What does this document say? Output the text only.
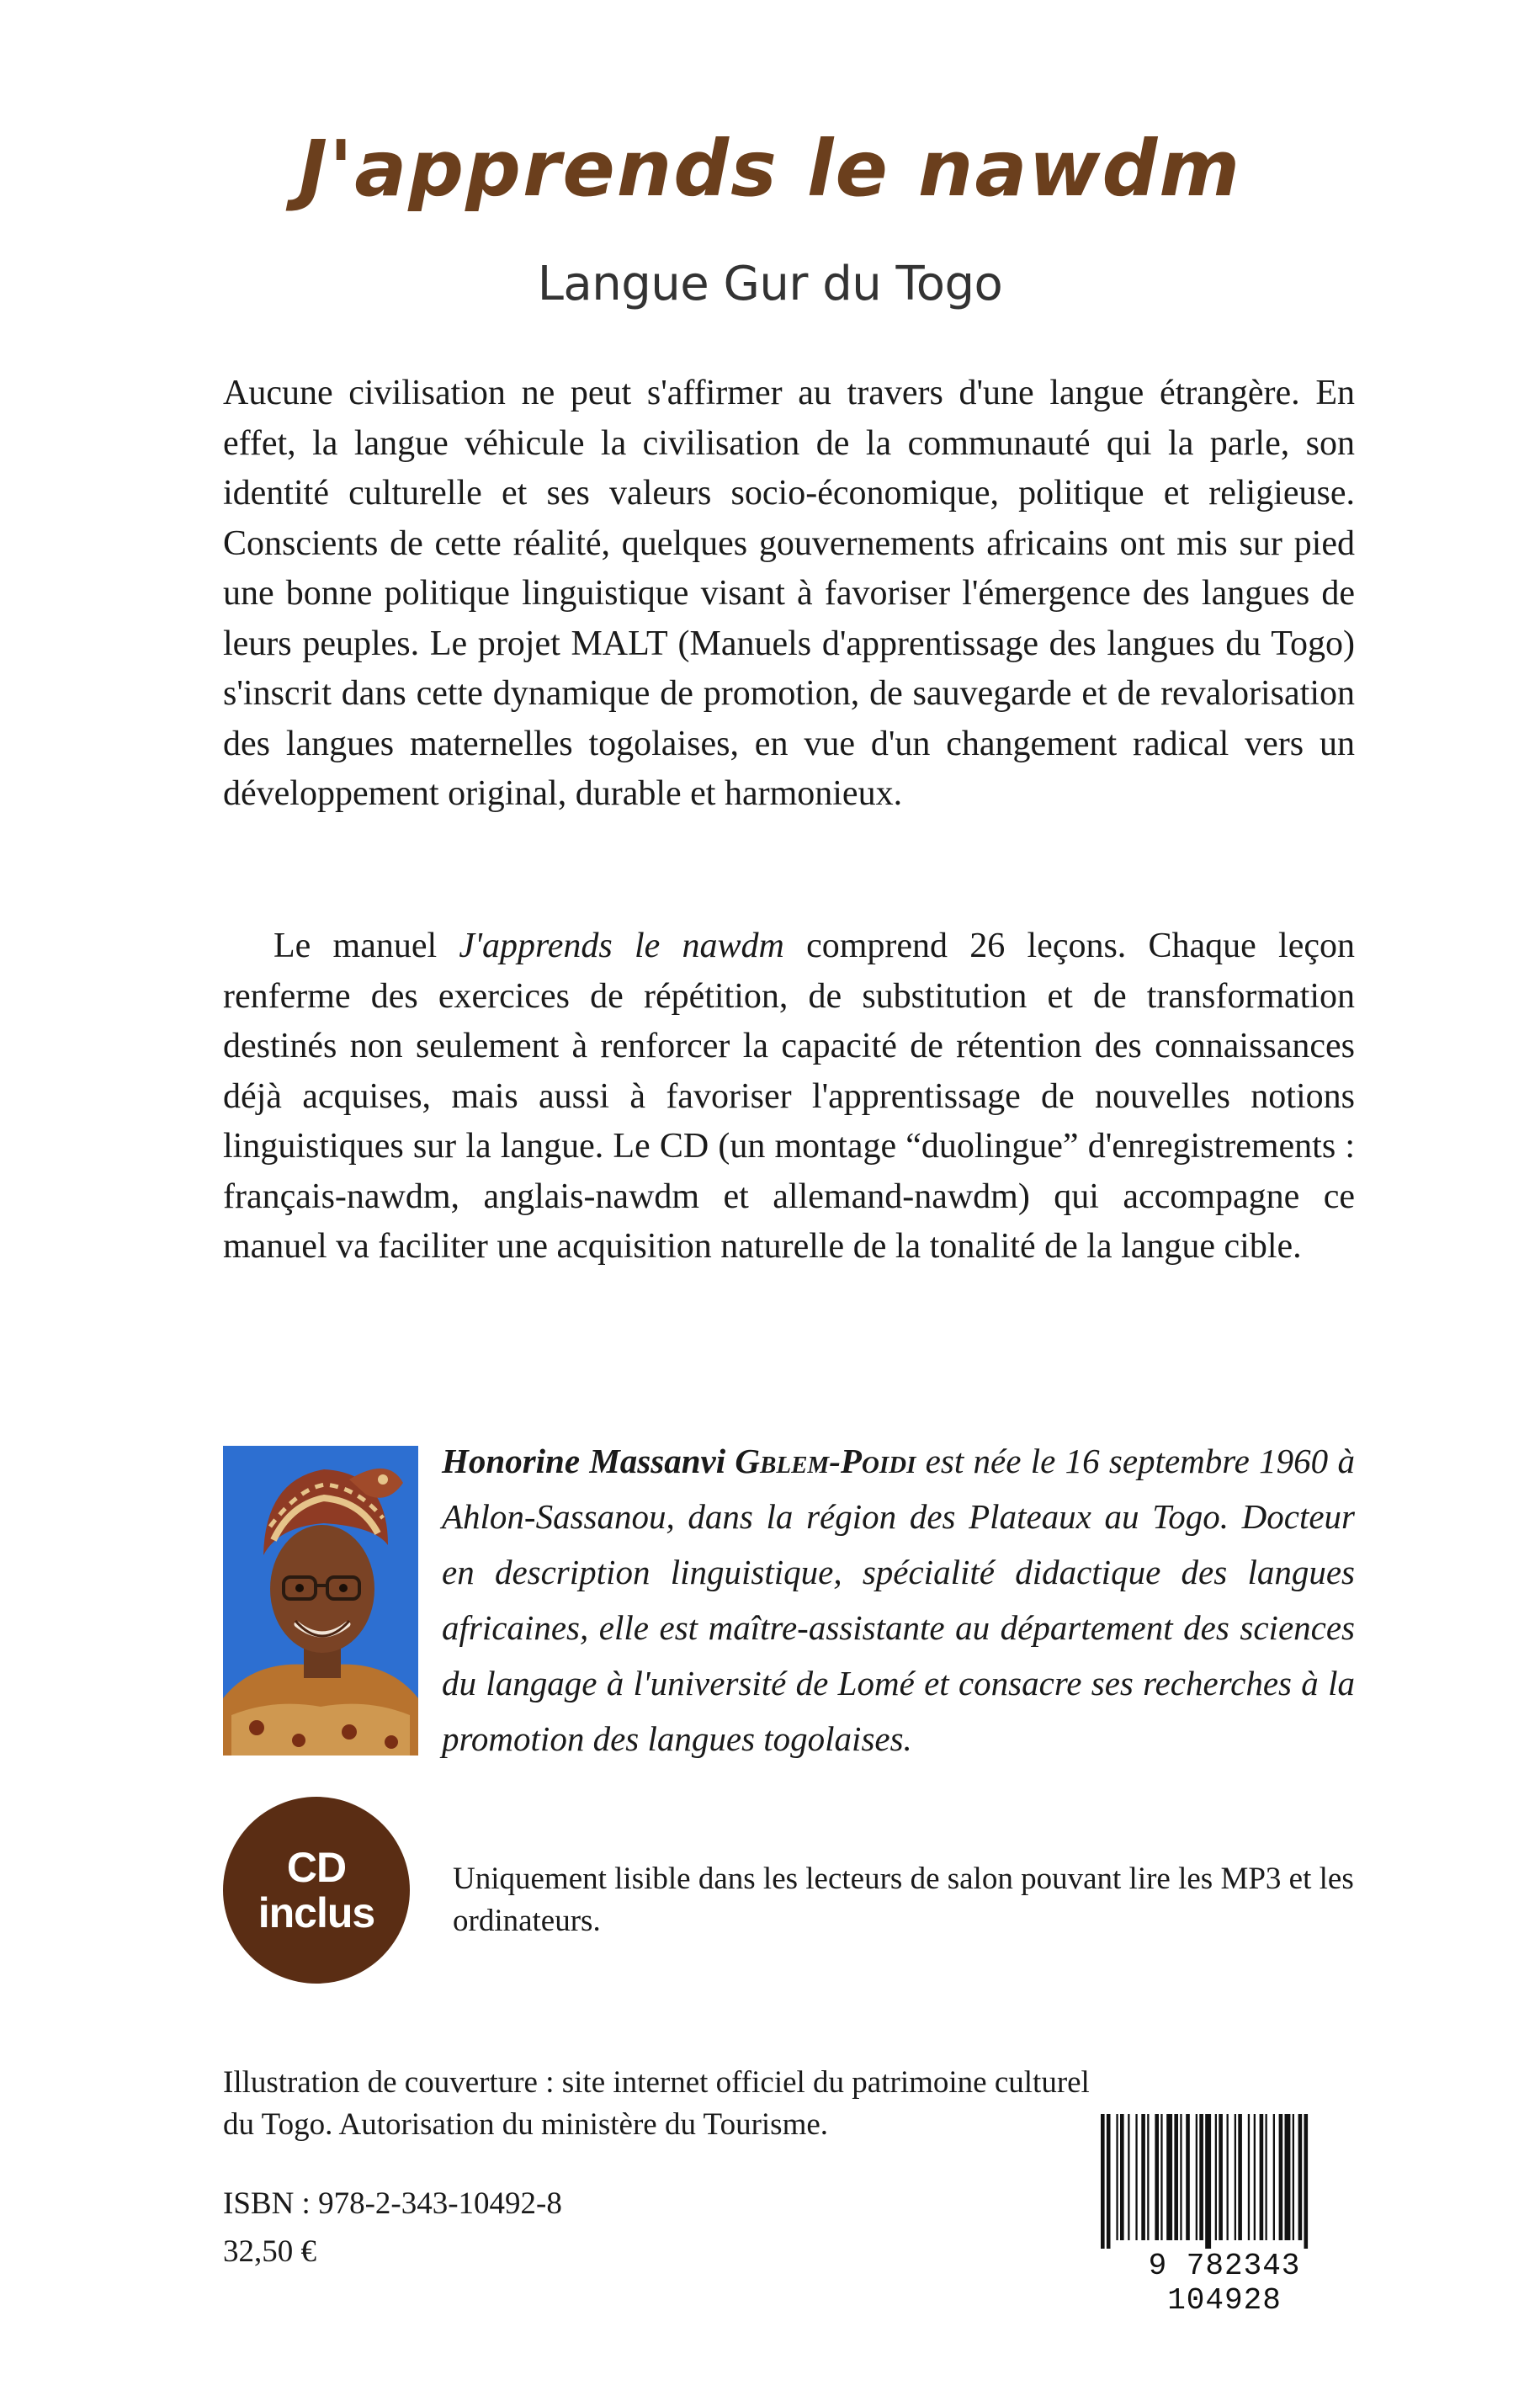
J'apprends le nawdm
Langue Gur du Togo

Aucune civilisation ne peut s'affirmer au travers d'une langue étrangère. En effet, la langue véhicule la civilisation de la communauté qui la parle, son identité culturelle et ses valeurs socio-économique, politique et religieuse. Conscients de cette réalité, quelques gouvernements africains ont mis sur pied une bonne politique linguistique visant à favoriser l'émergence des langues de leurs peuples. Le projet MALT (Manuels d'apprentissage des langues du Togo) s'inscrit dans cette dynamique de promotion, de sauvegarde et de revalorisation des langues maternelles togolaises, en vue d'un changement radical vers un développement original, durable et harmonieux.

Le manuel J'apprends le nawdm comprend 26 leçons. Chaque leçon renferme des exercices de répétition, de substitution et de transformation destinés non seulement à renforcer la capacité de rétention des connaissances déjà acquises, mais aussi à favoriser l'apprentissage de nouvelles notions linguistiques sur la langue. Le CD (un montage “duolingue” d'enregistrements : français-nawdm, anglais-nawdm et allemand-nawdm) qui accompagne ce manuel va faciliter une acquisition naturelle de la tonalité de la langue cible.

Honorine Massanvi Gblem-Poidi est née le 16 septembre 1960 à Ahlon-Sassanou, dans la région des Plateaux au Togo. Docteur en description linguistique, spécialité didactique des langues africaines, elle est maître-assistante au département des sciences du langage à l'université de Lomé et consacre ses recherches à la promotion des langues togolaises.

CD
inclus

Uniquement lisible dans les lecteurs de salon pouvant lire les MP3 et les ordinateurs.

Illustration de couverture : site internet officiel du patrimoine culturel du Togo. Autorisation du ministère du Tourisme.

ISBN : 978-2-343-10492-8

32,50 €	9 782343 104928
